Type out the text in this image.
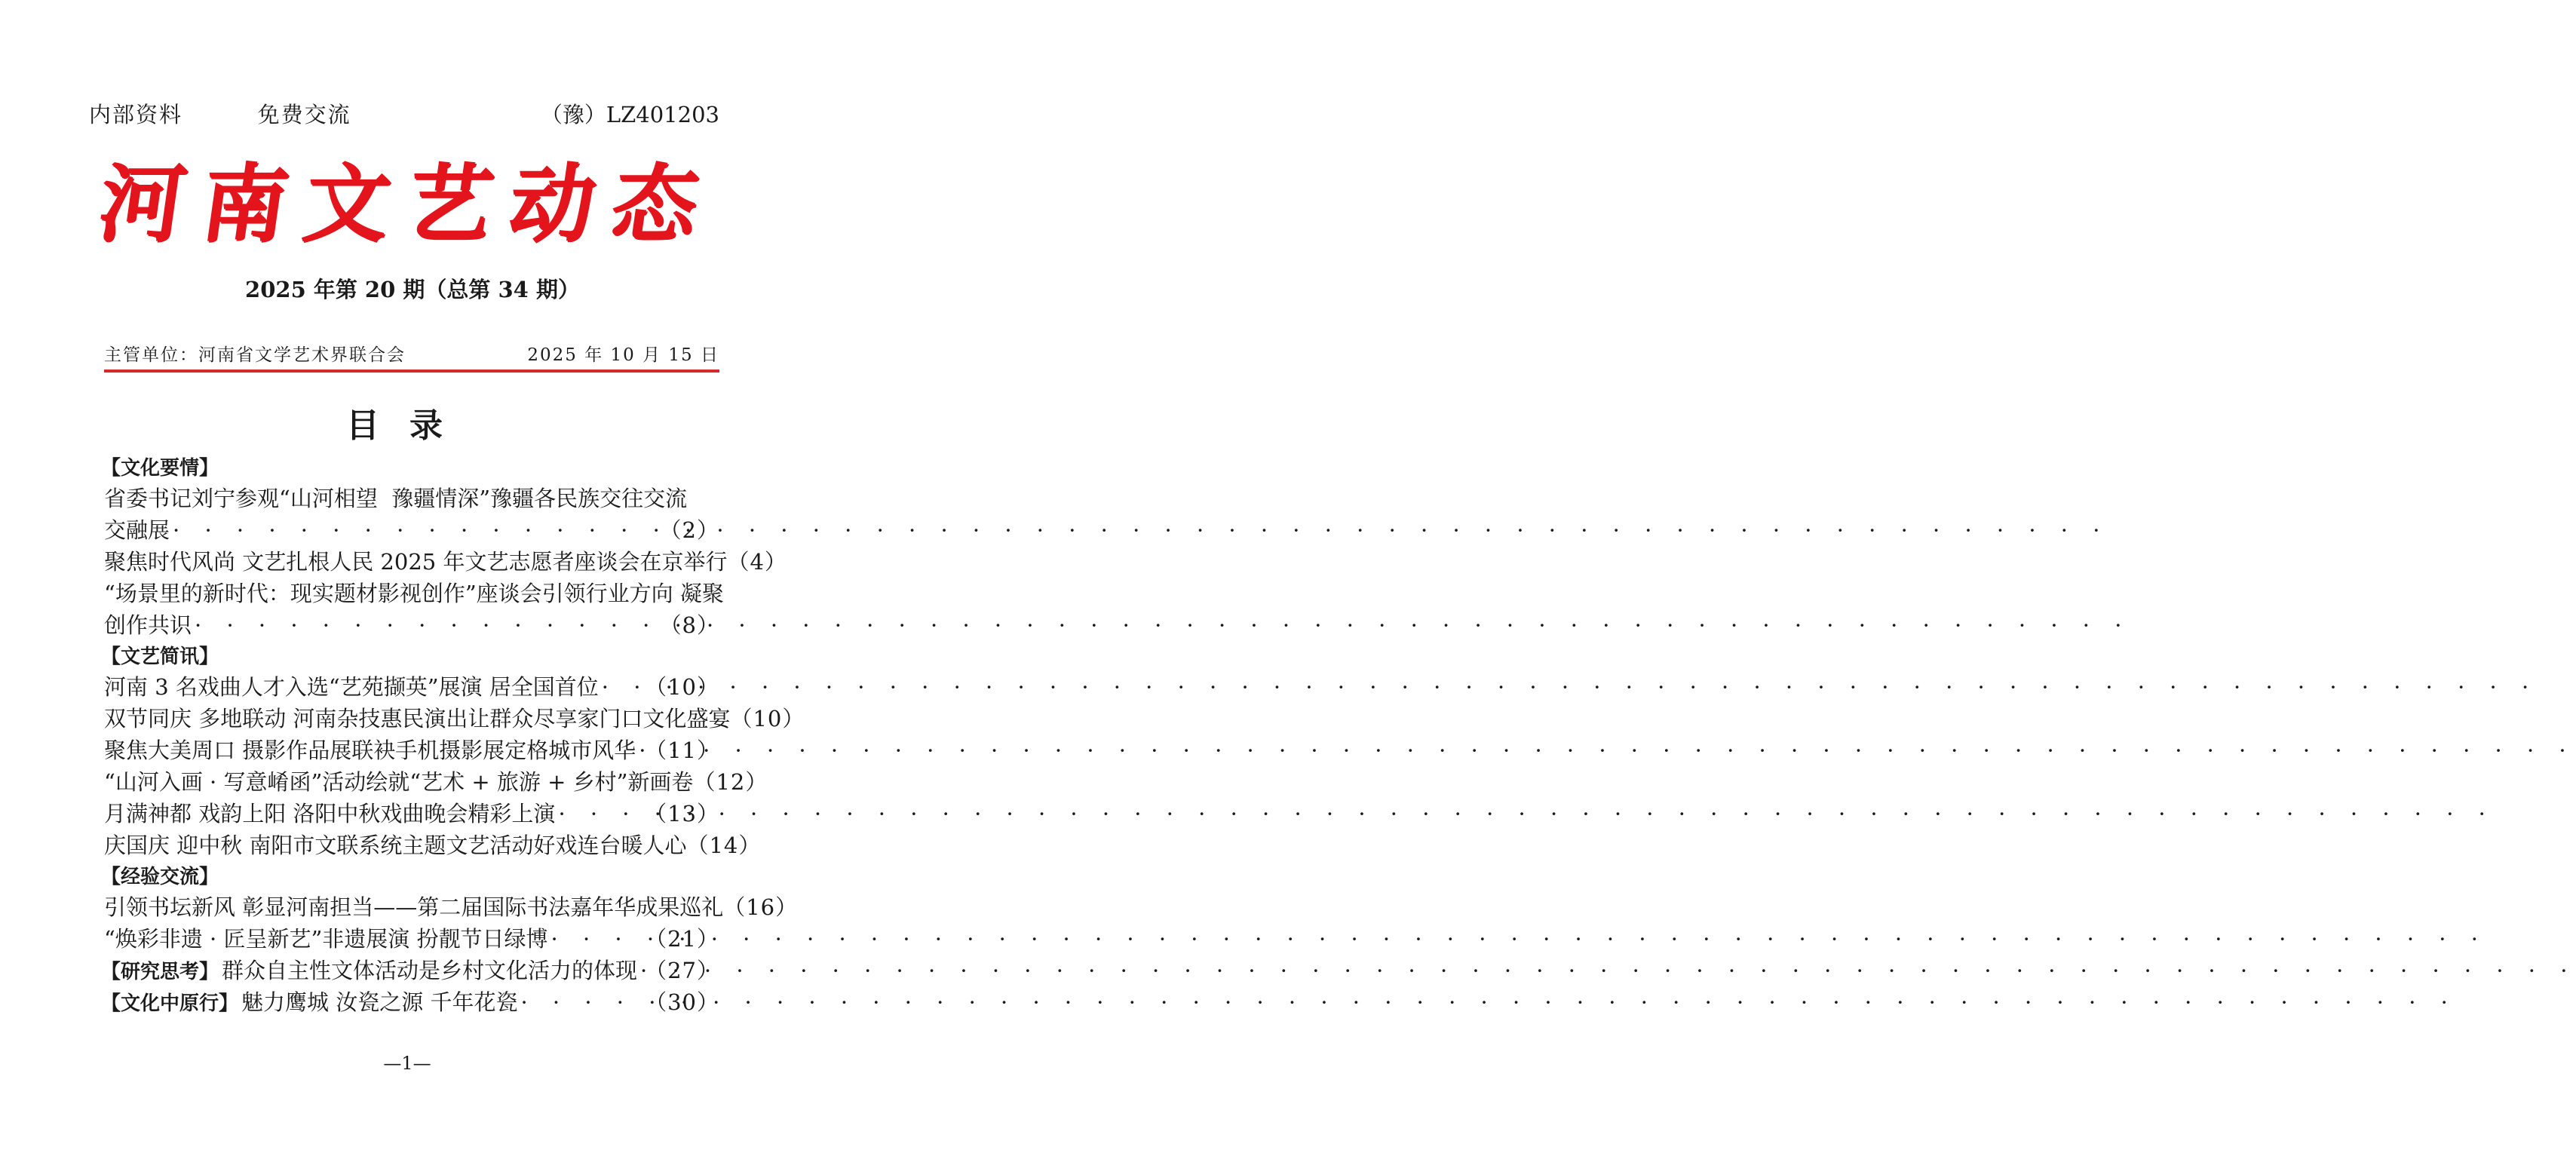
内部资料   免费交流	（豫）LZ401203
河南文艺动态
2025 年第 20 期（总第 34 期）
主管单位：河南省文学艺术界联合会	2025 年 10 月 15 日
目录
【文化要情】
省委书记刘宁参观“山河相望  豫疆情深”豫疆各民族交往交流
交融展 · · ·	（2）
聚焦时代风尚 文艺扎根人民 2025 年文艺志愿者座谈会在京举行 （4）
“场景里的新时代：现实题材影视创作”座谈会引领行业方向 凝聚
创作共识 · · ·	（8）
【文艺简讯】
河南 3 名戏曲人才入选“艺苑撷英”展演 居全国首位 · · · （10）
双节同庆 多地联动 河南杂技惠民演出让群众尽享家门口文化盛宴 （10）
聚焦大美周口 摄影作品展联袂手机摄影展定格城市风华 · · · （11）
“山河入画 · 写意崤函”活动绘就“艺术 + 旅游 + 乡村”新画卷 （12）
月满神都 戏韵上阳 洛阳中秋戏曲晚会精彩上演 · · ·	（13）
庆国庆 迎中秋 南阳市文联系统主题文艺活动好戏连台暖人心 （14）
【经验交流】
引领书坛新风 彰显河南担当——第二届国际书法嘉年华成果巡礼 （16）
“焕彩非遗 · 匠呈新艺”非遗展演 扮靓节日绿博 · · ·	（21）
【研究思考】 群众自主性文体活动是乡村文化活力的体现 · · · （27）
【文化中原行】 魅力鹰城 汝瓷之源 千年花瓷 · · ·	（30）
—1—
